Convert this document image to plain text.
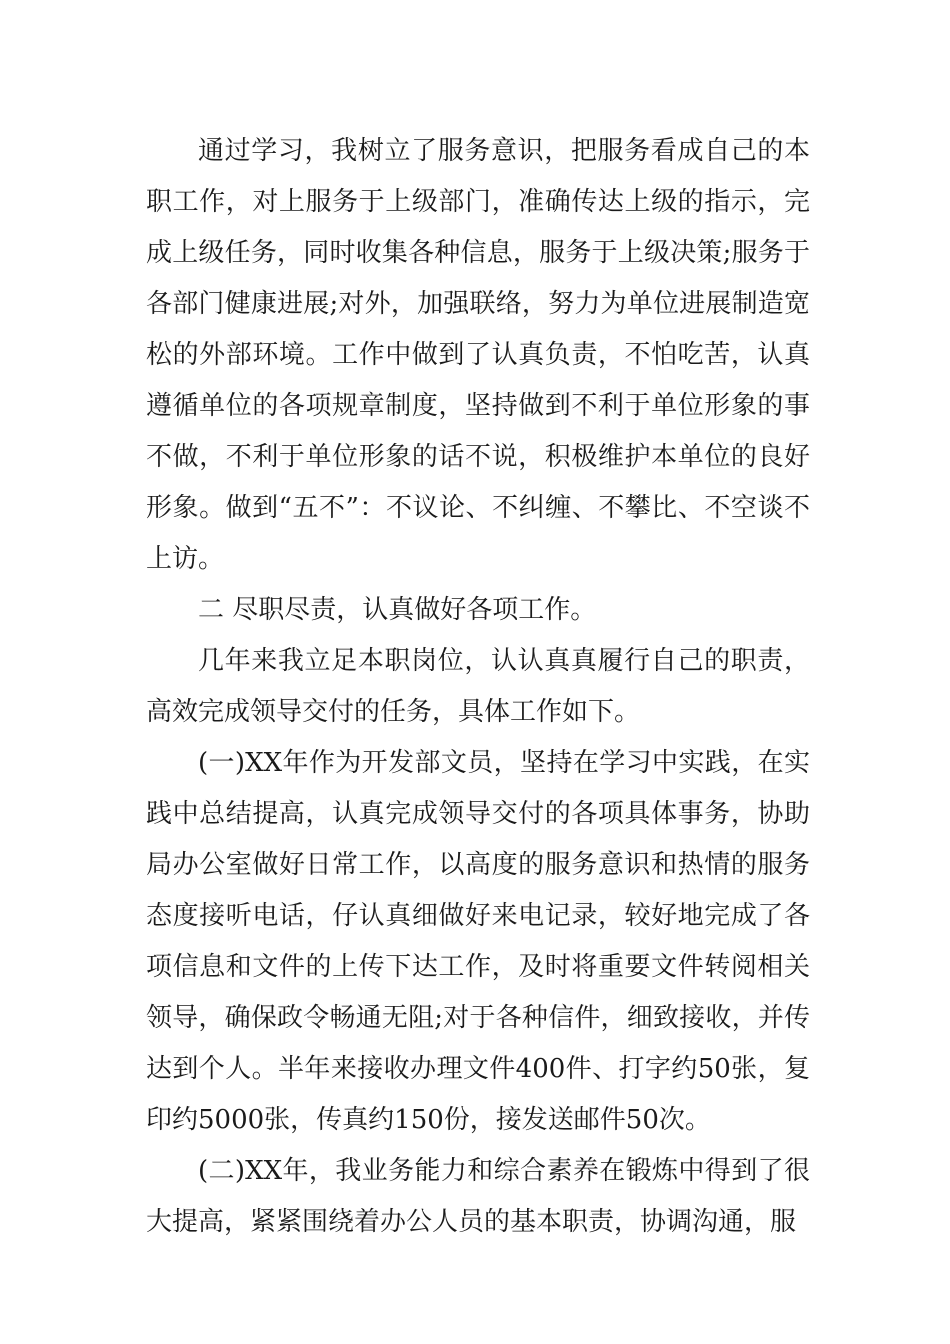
通过学习，我树立了服务意识，把服务看成自己的本职工作，对上服务于上级部门，准确传达上级的指示，完成上级任务，同时收集各种信息，服务于上级决策;服务于各部门健康进展;对外，加强联络，努力为单位进展制造宽松的外部环境。工作中做到了认真负责，不怕吃苦，认真遵循单位的各项规章制度，坚持做到不利于单位形象的事不做，不利于单位形象的话不说，积极维护本单位的良好形象。做到“五不”：不议论、不纠缠、不攀比、不空谈不上访。

二 尽职尽责，认真做好各项工作。

几年来我立足本职岗位，认认真真履行自己的职责，高效完成领导交付的任务，具体工作如下。

(一)XX年作为开发部文员，坚持在学习中实践，在实践中总结提高，认真完成领导交付的各项具体事务，协助局办公室做好日常工作，以高度的服务意识和热情的服务态度接听电话，仔认真细做好来电记录，较好地完成了各项信息和文件的上传下达工作，及时将重要文件转阅相关领导，确保政令畅通无阻;对于各种信件，细致接收，并传达到个人。半年来接收办理文件400件、打字约50张，复印约5000张，传真约150份，接发送邮件50次。

(二)XX年，我业务能力和综合素养在锻炼中得到了很大提高，紧紧围绕着办公人员的基本职责，协调沟通，服
